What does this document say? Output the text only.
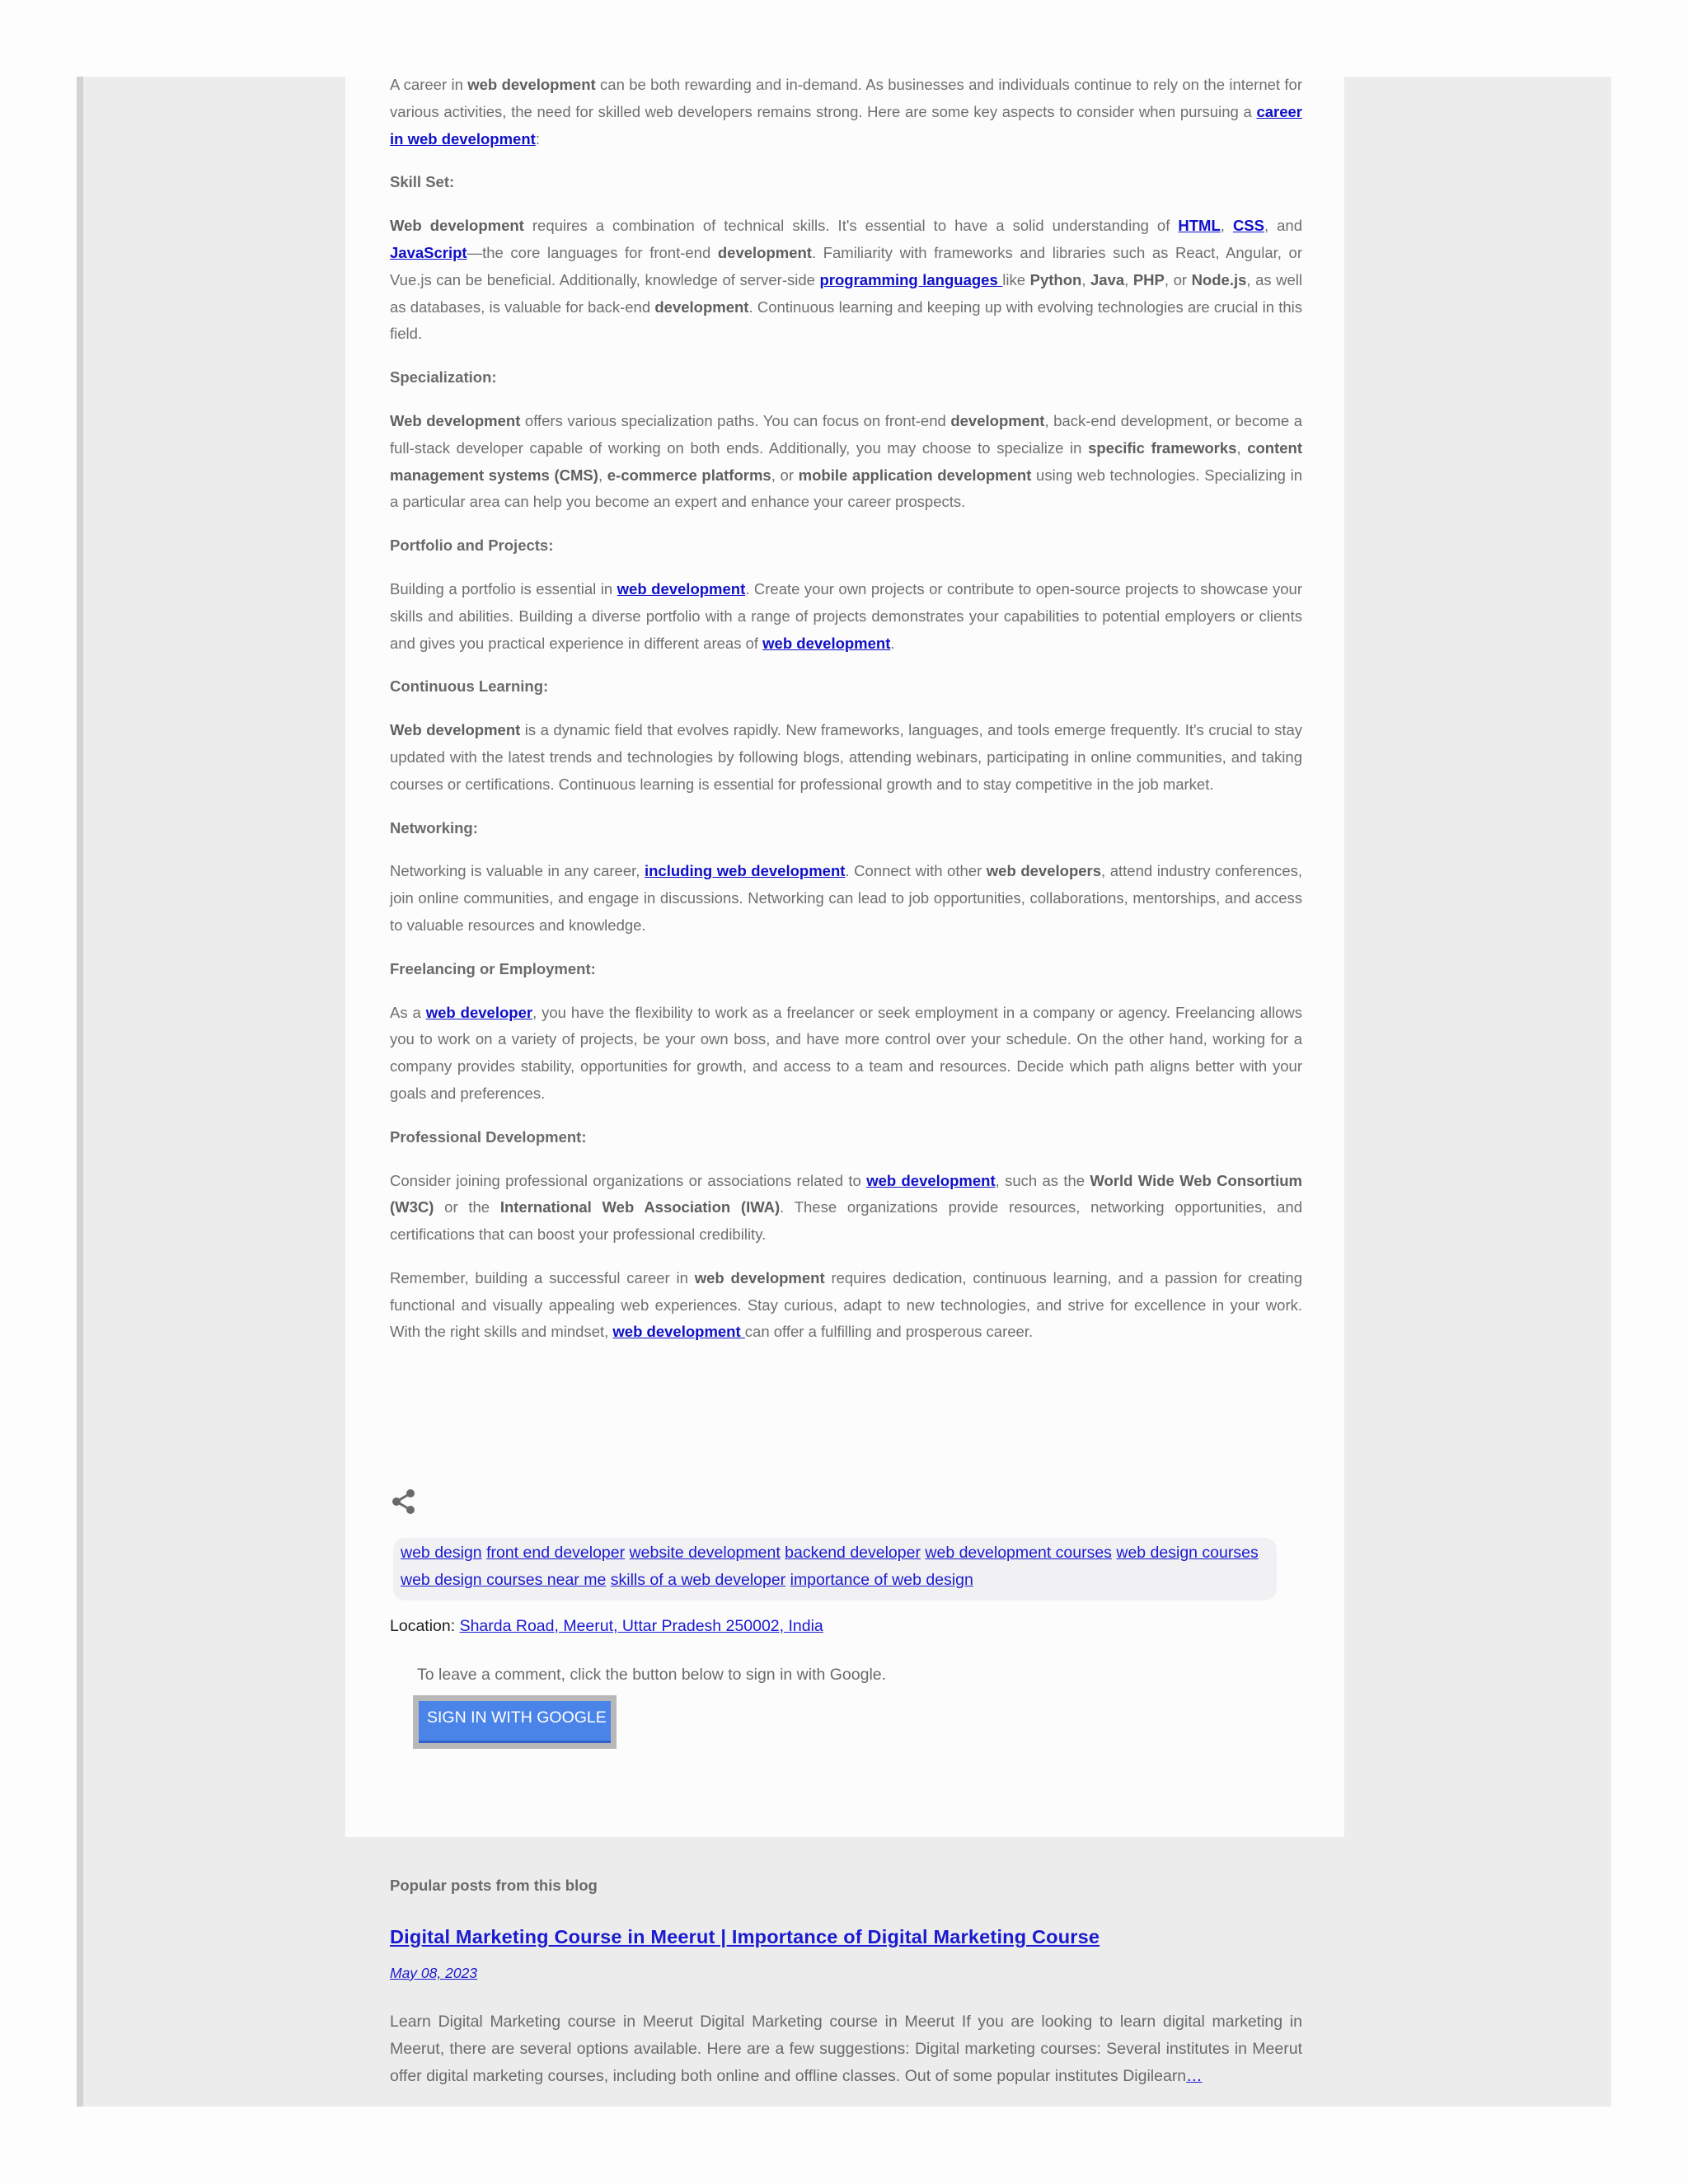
A career in web development can be both rewarding and in-demand. As businesses and individuals continue to rely on the internet for various activities, the need for skilled web developers remains strong. Here are some key aspects to consider when pursuing a career in web development:

Skill Set:

Web development requires a combination of technical skills. It's essential to have a solid understanding of HTML, CSS, and JavaScript—the core languages for front-end development. Familiarity with frameworks and libraries such as React, Angular, or Vue.js can be beneficial. Additionally, knowledge of server-side programming languages like Python, Java, PHP, or Node.js, as well as databases, is valuable for back-end development. Continuous learning and keeping up with evolving technologies are crucial in this field.

Specialization:

Web development offers various specialization paths. You can focus on front-end development, back-end development, or become a full-stack developer capable of working on both ends. Additionally, you may choose to specialize in specific frameworks, content management systems (CMS), e-commerce platforms, or mobile application development using web technologies. Specializing in a particular area can help you become an expert and enhance your career prospects.

Portfolio and Projects:

Building a portfolio is essential in web development. Create your own projects or contribute to open-source projects to showcase your skills and abilities. Building a diverse portfolio with a range of projects demonstrates your capabilities to potential employers or clients and gives you practical experience in different areas of web development.

Continuous Learning:

Web development is a dynamic field that evolves rapidly. New frameworks, languages, and tools emerge frequently. It's crucial to stay updated with the latest trends and technologies by following blogs, attending webinars, participating in online communities, and taking courses or certifications. Continuous learning is essential for professional growth and to stay competitive in the job market.

Networking:

Networking is valuable in any career, including web development. Connect with other web developers, attend industry conferences, join online communities, and engage in discussions. Networking can lead to job opportunities, collaborations, mentorships, and access to valuable resources and knowledge.

Freelancing or Employment:

As a web developer, you have the flexibility to work as a freelancer or seek employment in a company or agency. Freelancing allows you to work on a variety of projects, be your own boss, and have more control over your schedule. On the other hand, working for a company provides stability, opportunities for growth, and access to a team and resources. Decide which path aligns better with your goals and preferences.

Professional Development:

Consider joining professional organizations or associations related to web development, such as the World Wide Web Consortium (W3C) or the International Web Association (IWA). These organizations provide resources, networking opportunities, and certifications that can boost your professional credibility.

Remember, building a successful career in web development requires dedication, continuous learning, and a passion for creating functional and visually appealing web experiences. Stay curious, adapt to new technologies, and strive for excellence in your work. With the right skills and mindset, web development can offer a fulfilling and prosperous career.

web design front end developer website development backend developer web development courses web design courses web design courses near me skills of a web developer importance of web design
Location: Sharda Road, Meerut, Uttar Pradesh 250002, India
To leave a comment, click the button below to sign in with Google.
SIGN IN WITH GOOGLE
Popular posts from this blog
Digital Marketing Course in Meerut | Importance of Digital Marketing Course
May 08, 2023
Learn Digital Marketing course in Meerut Digital Marketing course in Meerut If you are looking to learn digital marketing in Meerut, there are several options available. Here are a few suggestions: Digital marketing courses: Several institutes in Meerut offer digital marketing courses, including both online and offline classes. Out of some popular institutes Digilearn…
